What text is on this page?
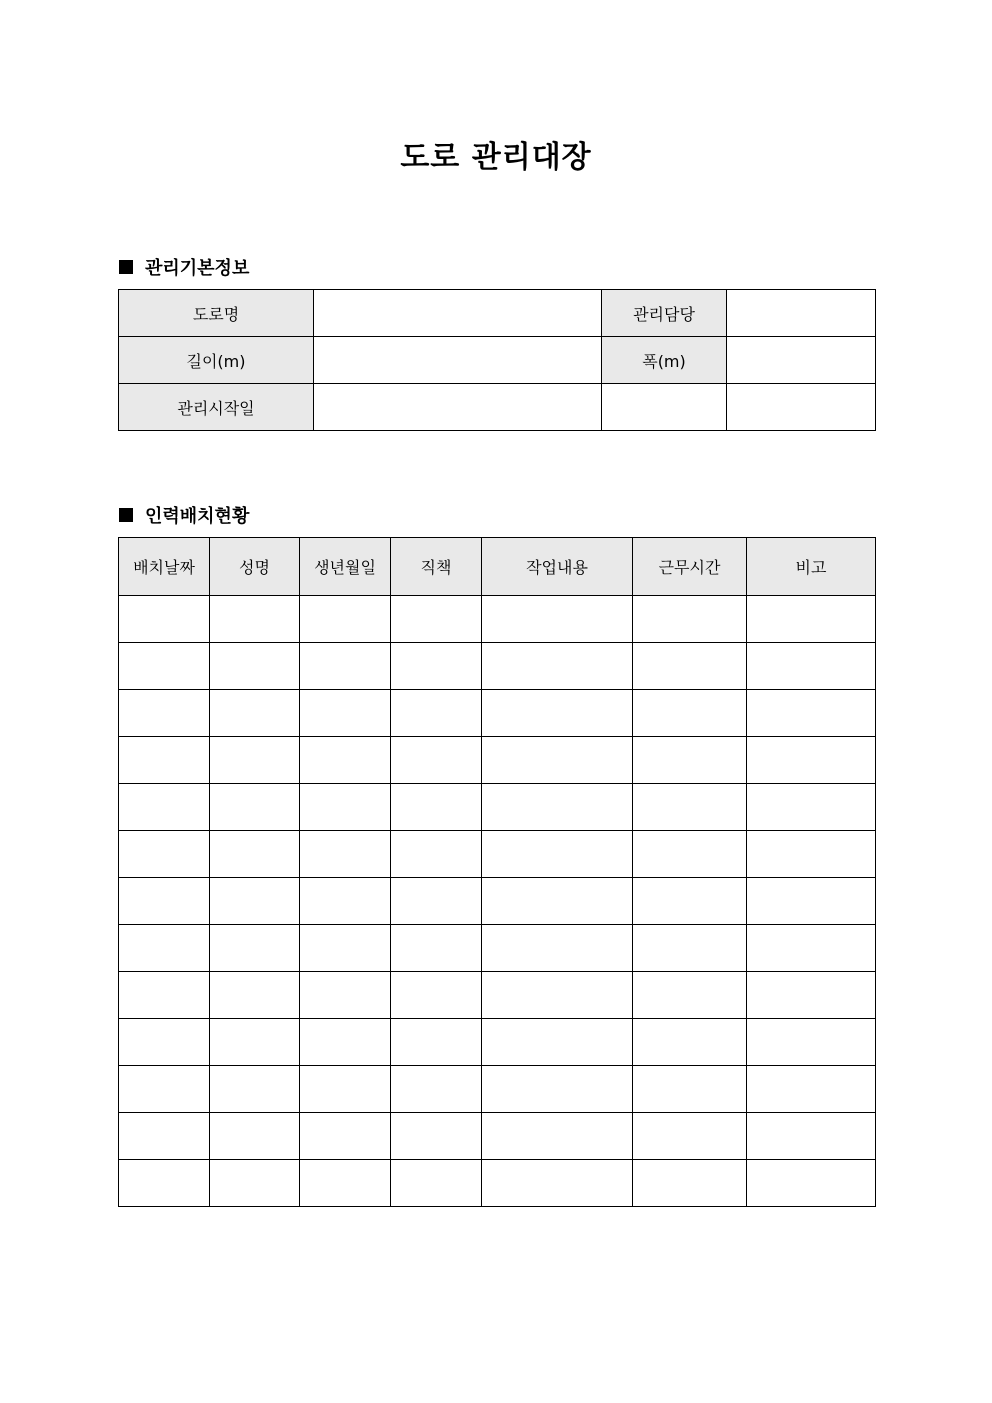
도로 관리대장
관리기본정보
도로명		관리담당	
길이(m)		폭(m)	
관리시작일			
인력배치현황
배치날짜	성명	생년월일	직책	작업내용	근무시간	비고
